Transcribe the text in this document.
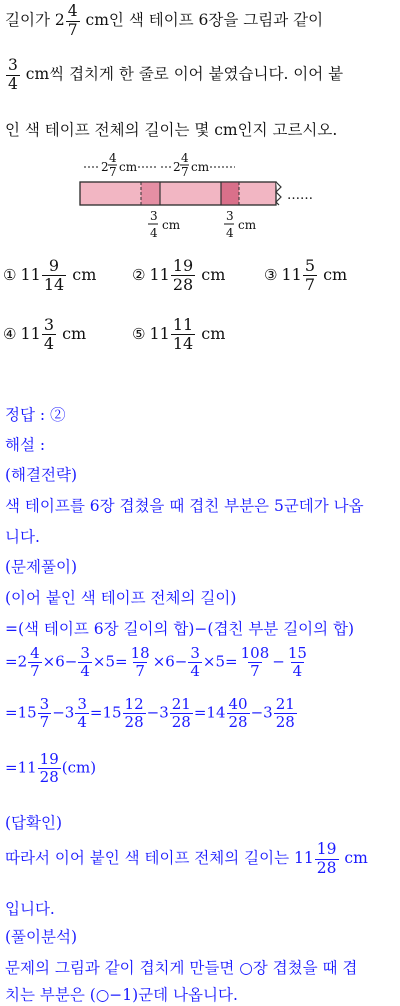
길이가 $2 \frac{4}{7}$ cm인 색 테이프 6장을 그림과 같이
$\frac{3}{4}$ cm씩 겹치게 한 줄로 이어 붙였습니다. 이어 붙
인 색 테이프 전체의 길이는 몇 cm인지 고르시오.
2
4
7 cm	2
4
7 cm
……
3
4
cm
3
4
cm
① $11 \frac{9}{14}$ cm ② $11 \frac{19}{28}$ cm	③ $11 \frac{5}{7}$ cm
④ $11 \frac{3}{4}$ cm	⑤ $11 \frac{11}{14}$ cm
정답 : ②
해설 :
(해결전략)
색 테이프를 6장 겹쳤을 때 겹친 부분은 5군데가 나옵
니다.
(문제풀이)
(이어 붙인 색 테이프 전체의 길이)
=(색 테이프 6장 길이의 합)−(겹친 부분 길이의 합)
$=2 \frac{4}{7} \times 6- \frac{3}{4} \times 5= \frac{18}{7} \times 6- \frac{3}{4} \times 5= \frac{108}{7} - \frac{15}{4}$
$=15 \frac{3}{7} -3 \frac{3}{4} =15 \frac{12}{28} -3 \frac{21}{28} =14 \frac{40}{28} -3 \frac{21}{28}$
$=11 \frac{19}{28} (cm)$
(답확인)
따라서 이어 붙인 색 테이프 전체의 길이는 $11 \frac{19}{28}$ cm
입니다.
(풀이분석)
문제의 그림과 같이 겹치게 만들면 ○장 겹쳤을 때 겹
치는 부분은 (○−1)군데 나옵니다.
